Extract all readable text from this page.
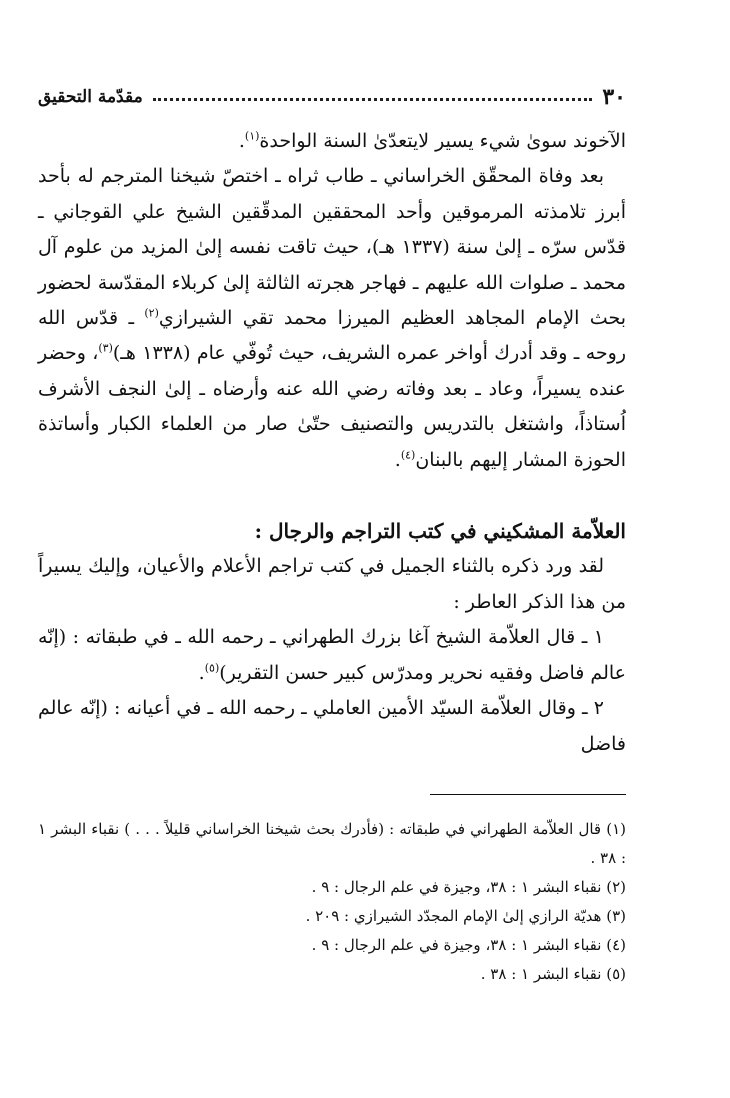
٣٠
مقدّمة التحقيق

الآخوند سوىٰ شيء يسير لايتعدّىٰ السنة الواحدة$^{(١)}$.

بعد وفاة المحقّق الخراساني ـ طاب ثراه ـ اختصّ شيخنا المترجم له بأحد أبرز تلامذته المرموقين وأحد المحققين المدقّقين الشيخ علي القوجاني ـ قدّس سرّه ـ إلىٰ سنة (١٣٣٧ هـ)، حيث تاقت نفسه إلىٰ المزيد من علوم آل محمد ـ صلوات الله عليهم ـ فهاجر هجرته الثالثة إلىٰ كربلاء المقدّسة لحضور بحث الإمام المجاهد العظيم الميرزا محمد تقي الشيرازي$^{(٢)}$ ـ قدّس الله روحه ـ وقد أدرك أواخر عمره الشريف، حيث تُوفّي عام (١٣٣٨ هـ)$^{(٣)}$، وحضر عنده يسيراً، وعاد ـ بعد وفاته رضي الله عنه وأرضاه ـ إلىٰ النجف الأشرف اُستاذاً، واشتغل بالتدريس والتصنيف حتّىٰ صار من العلماء الكبار وأساتذة الحوزة المشار إليهم بالبنان$^{(٤)}$.

العلاّمة المشكيني في كتب التراجم والرجال :

لقد ورد ذكره بالثناء الجميل في كتب تراجم الأعلام والأعيان، وإليك يسيراً من هذا الذكر العاطر :

١ ـ قال العلاّمة الشيخ آغا بزرك الطهراني ـ رحمه الله ـ في طبقاته : (إنّه عالم فاضل وفقيه نحرير ومدرّس كبير حسن التقرير)$^{(٥)}$.

٢ ـ وقال العلاّمة السيّد الأمين العاملي ـ رحمه الله ـ في أعيانه : (إنّه عالم فاضل

(١) قال العلاّمة الطهراني في طبقاته : (فأدرك بحث شيخنا الخراساني قليلاً . . . ) نقباء البشر ١ : ٣٨ .

(٢) نقباء البشر ١ : ٣٨، وجيزة في علم الرجال : ٩ .

(٣) هديّة الرازي إلىٰ الإمام المجدّد الشيرازي : ٢٠٩ .

(٤) نقباء البشر ١ : ٣٨، وجيزة في علم الرجال : ٩ .

(٥) نقباء البشر ١ : ٣٨ .
